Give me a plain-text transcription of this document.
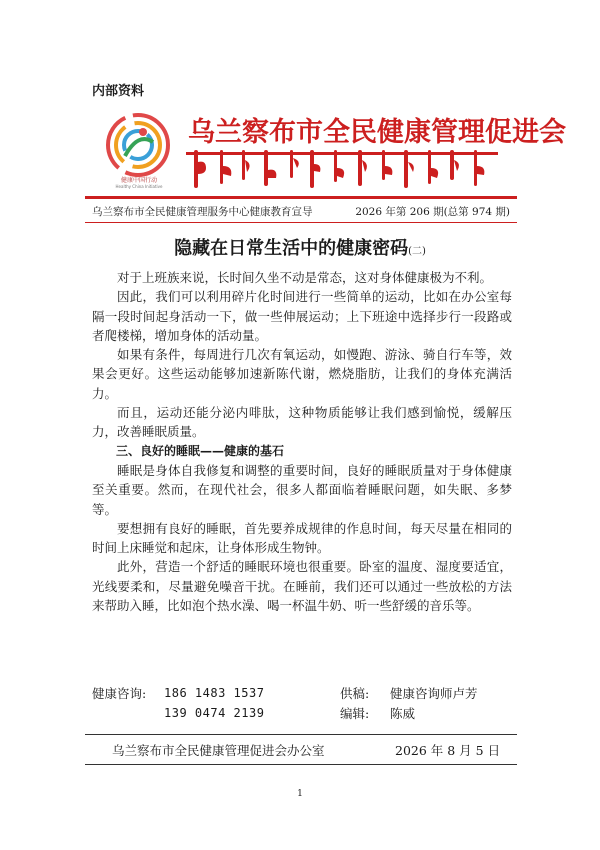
内部资料
健康中国行动
Healthy China Initiative
乌兰察布市全民健康管理促进会
乌兰察布市全民健康管理服务中心健康教育宣导	2026 年第 206 期(总第 974 期)
隐藏在日常生活中的健康密码(二)

对于上班族来说，长时间久坐不动是常态，这对身体健康极为不利。

因此，我们可以利用碎片化时间进行一些简单的运动，比如在办公室每隔一段时间起身活动一下，做一些伸展运动；上下班途中选择步行一段路或者爬楼梯，增加身体的活动量。

如果有条件，每周进行几次有氧运动，如慢跑、游泳、骑自行车等，效果会更好。这些运动能够加速新陈代谢，燃烧脂肪，让我们的身体充满活力。

而且，运动还能分泌内啡肽，这种物质能够让我们感到愉悦，缓解压力，改善睡眠质量。

三、良好的睡眠——健康的基石

睡眠是身体自我修复和调整的重要时间，良好的睡眠质量对于身体健康至关重要。然而，在现代社会，很多人都面临着睡眠问题，如失眠、多梦等。

要想拥有良好的睡眠，首先要养成规律的作息时间，每天尽量在相同的时间上床睡觉和起床，让身体形成生物钟。

此外，营造一个舒适的睡眠环境也很重要。卧室的温度、湿度要适宜，光线要柔和，尽量避免噪音干扰。在睡前，我们还可以通过一些放松的方法来帮助入睡，比如泡个热水澡、喝一杯温牛奶、听一些舒缓的音乐等。

健康咨询:	186 1483 1537	供稿:	健康咨询师卢芳
139 0474 2139	编辑:	陈威
乌兰察布市全民健康管理促进会办公室	2026 年 8 月 5 日
1
